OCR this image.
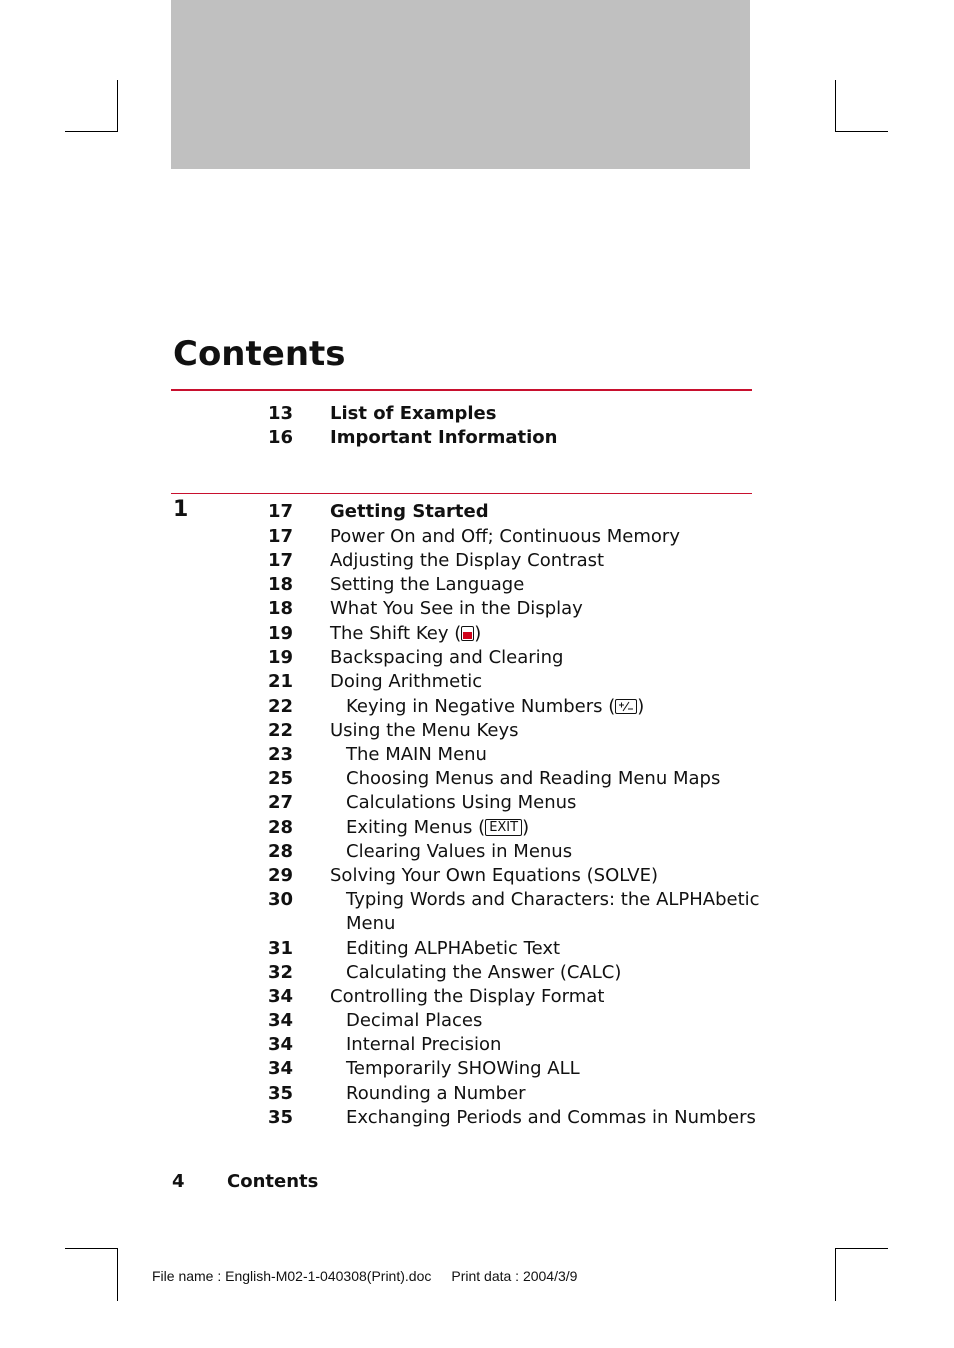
Contents
13 List of Examples
16 Important Information
1	17 Getting Started
17 Power On and Off; Continuous Memory
17 Adjusting the Display Contrast
18 Setting the Language
18 What You See in the Display
19 The Shift Key ( )
19 Backspacing and Clearing
21 Doing Arithmetic
22	Keying in Negative Numbers ( )
22 Using the Menu Keys
23	The MAIN Menu
25	Choosing Menus and Reading Menu Maps
27	Calculations Using Menus
28	Exiting Menus ( EXIT )
28	Clearing Values in Menus
29 Solving Your Own Equations (SOLVE)
30	Typing Words and Characters: the ALPHAbetic
Menu
31	Editing ALPHAbetic Text
32	Calculating the Answer (CALC)
34 Controlling the Display Format
34	Decimal Places
34	Internal Precision
34	Temporarily SHOWing ALL
35	Rounding a Number
35	Exchanging Periods and Commas in Numbers
4 Contents
File name : English-M02-1-040308(Print).doc Print data : 2004/3/9
